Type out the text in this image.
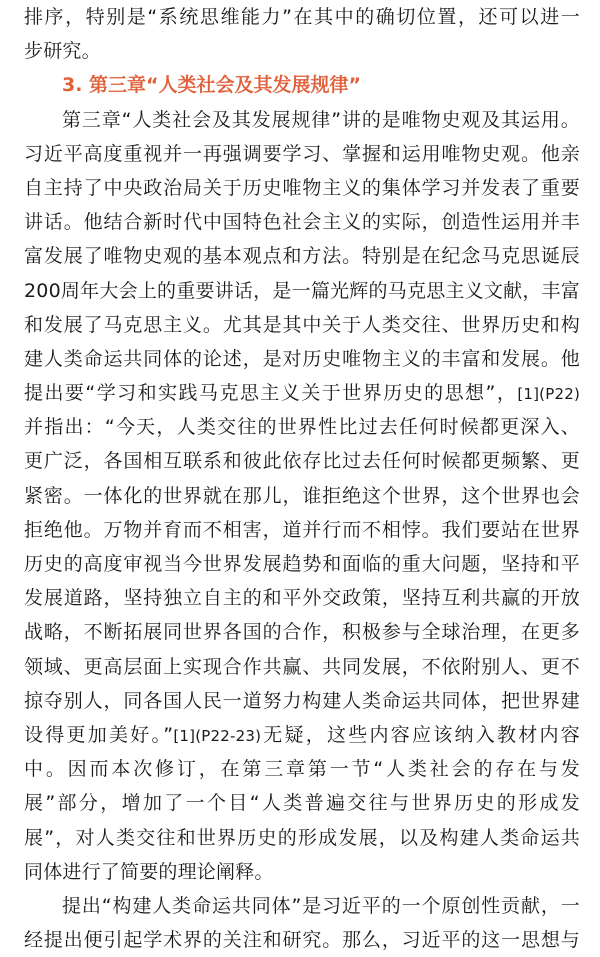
排序，特别是“系统思维能力”在其中的确切位置，还可以进一
步研究。
3. 第三章“人类社会及其发展规律”
第三章“人类社会及其发展规律”讲的是唯物史观及其运用。
习近平高度重视并一再强调要学习、掌握和运用唯物史观。他亲
自主持了中央政治局关于历史唯物主义的集体学习并发表了重要
讲话。他结合新时代中国特色社会主义的实际，创造性运用并丰
富发展了唯物史观的基本观点和方法。特别是在纪念马克思诞辰
200周年大会上的重要讲话，是一篇光辉的马克思主义文献，丰富
和发展了马克思主义。尤其是其中关于人类交往、世界历史和构
建人类命运共同体的论述，是对历史唯物主义的丰富和发展。他
提出要“学习和实践马克思主义关于世界历史的思想”，[1](P22)
并指出：“今天，人类交往的世界性比过去任何时候都更深入、
更广泛，各国相互联系和彼此依存比过去任何时候都更频繁、更
紧密。一体化的世界就在那儿，谁拒绝这个世界，这个世界也会
拒绝他。万物并育而不相害，道并行而不相悖。我们要站在世界
历史的高度审视当今世界发展趋势和面临的重大问题，坚持和平
发展道路，坚持独立自主的和平外交政策，坚持互利共赢的开放
战略，不断拓展同世界各国的合作，积极参与全球治理，在更多
领域、更高层面上实现合作共赢、共同发展，不依附别人、更不
掠夺别人，同各国人民一道努力构建人类命运共同体，把世界建
设得更加美好。”[1](P22-23)无疑，这些内容应该纳入教材内容
中。因而本次修订，在第三章第一节“人类社会的存在与发
展”部分，增加了一个目“人类普遍交往与世界历史的形成发
展”，对人类交往和世界历史的形成发展，以及构建人类命运共
同体进行了简要的理论阐释。
提出“构建人类命运共同体”是习近平的一个原创性贡献，一
经提出便引起学术界的关注和研究。那么，习近平的这一思想与
